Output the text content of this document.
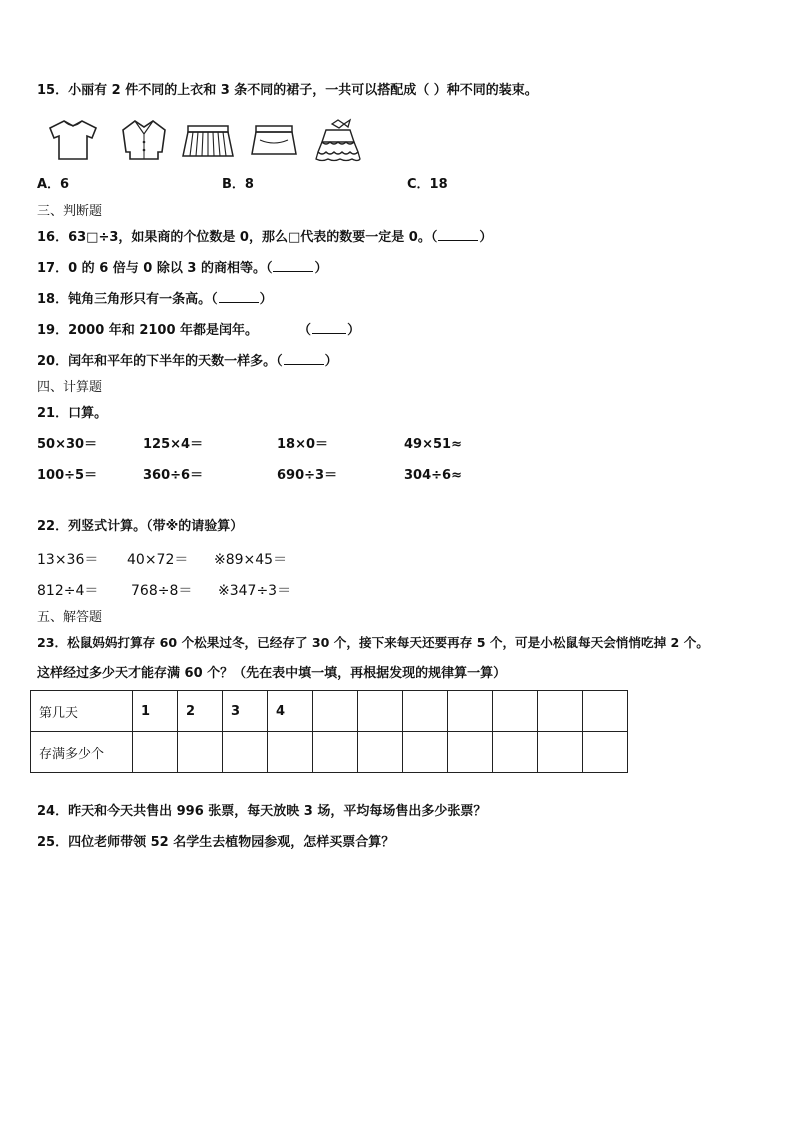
15．小丽有 2 件不同的上衣和 3 条不同的裙子，一共可以搭配成（ ）种不同的装束。
A．6	B．8	C．18
三、判断题
16．63□÷3，如果商的个位数是 0，那么□代表的数要一定是 0。（	）
17．0 的 6 倍与 0 除以 3 的商相等。（	）
18．钝角三角形只有一条高。（	）
19．2000 年和 2100 年都是闰年。	（	）
20．闰年和平年的下半年的天数一样多。（	）
四、计算题
21．口算。
50×30＝	125×4＝	18×0＝	49×51≈
100÷5＝	360÷6＝	690÷3＝	304÷6≈
22．列竖式计算。（带※的请验算）
13×36＝ 40×72＝ ※89×45＝
812÷4＝ 768÷8＝ ※347÷3＝
五、解答题
23．松鼠妈妈打算存 60 个松果过冬，已经存了 30 个，接下来每天还要再存 5 个，可是小松鼠每天会悄悄吃掉 2 个。
这样经过多少天才能存满 60 个？（先在表中填一填，再根据发现的规律算一算）
第几天	1	2	3	4							
存满多少个											
24．昨天和今天共售出 996 张票，每天放映 3 场，平均每场售出多少张票？
25．四位老师带领 52 名学生去植物园参观，怎样买票合算？
